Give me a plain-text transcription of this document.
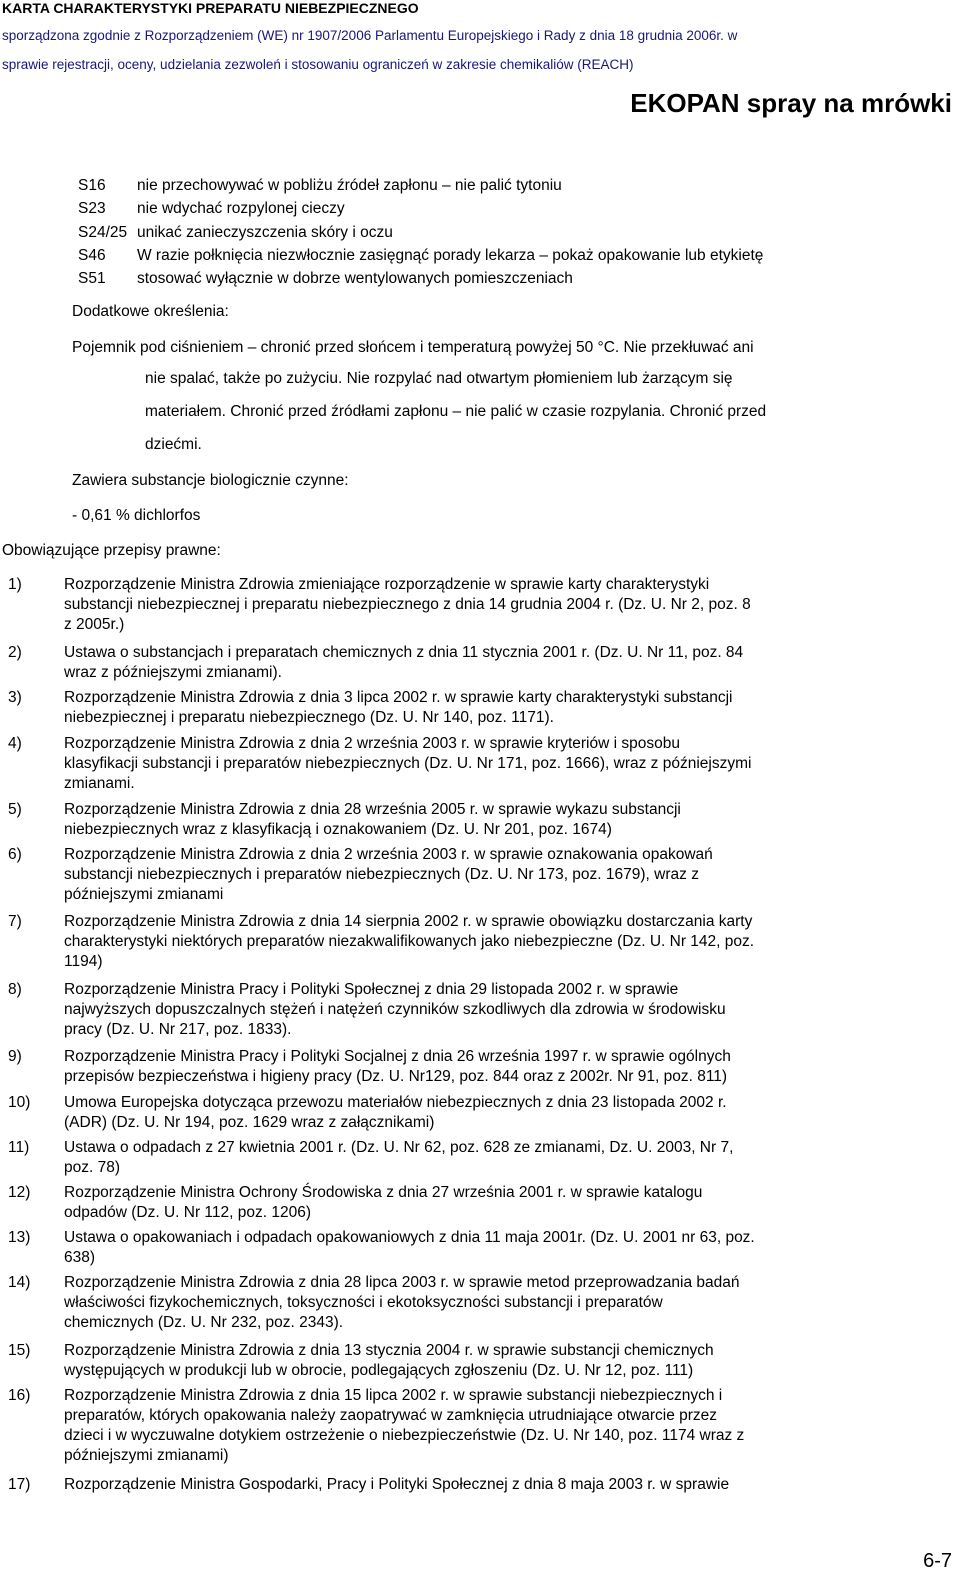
KARTA CHARAKTERYSTYKI PREPARATU NIEBEZPIECZNEGO
sporządzona zgodnie z Rozporządzeniem (WE) nr 1907/2006 Parlamentu Europejskiego i Rady z dnia 18 grudnia 2006r. w
sprawie rejestracji, oceny, udzielania zezwoleń i stosowaniu ograniczeń w zakresie chemikaliów (REACH)
EKOPAN spray na mrówki
S16 nie przechowywać w pobliżu źródeł zapłonu – nie palić tytoniu
S23 nie wdychać rozpylonej cieczy
S24/25 unikać zanieczyszczenia skóry i oczu
S46 W razie połknięcia niezwłocznie zasięgnąć porady lekarza – pokaż opakowanie lub etykietę
S51 stosować wyłącznie w dobrze wentylowanych pomieszczeniach
Dodatkowe określenia:
Pojemnik pod ciśnieniem – chronić przed słońcem i temperaturą powyżej 50 °C. Nie przekłuwać ani
nie spalać, także po zużyciu. Nie rozpylać nad otwartym płomieniem lub żarzącym się
materiałem. Chronić przed źródłami zapłonu – nie palić w czasie rozpylania. Chronić przed
dziećmi.
Zawiera substancje biologicznie czynne:
- 0,61 % dichlorfos
Obowiązujące przepisy prawne:
1)	Rozporządzenie Ministra Zdrowia zmieniające rozporządzenie w sprawie karty charakterystyki
substancji niebezpiecznej i preparatu niebezpiecznego z dnia 14 grudnia 2004 r. (Dz. U. Nr 2, poz. 8
z 2005r.)
2)	Ustawa o substancjach i preparatach chemicznych z dnia 11 stycznia 2001 r. (Dz. U. Nr 11, poz. 84
wraz z późniejszymi zmianami).
3)	Rozporządzenie Ministra Zdrowia z dnia 3 lipca 2002 r. w sprawie karty charakterystyki substancji
niebezpiecznej i preparatu niebezpiecznego (Dz. U. Nr 140, poz. 1171).
4)	Rozporządzenie Ministra Zdrowia z dnia 2 września 2003 r. w sprawie kryteriów i sposobu
klasyfikacji substancji i preparatów niebezpiecznych (Dz. U. Nr 171, poz. 1666), wraz z późniejszymi
zmianami.
5)	Rozporządzenie Ministra Zdrowia z dnia 28 września 2005 r. w sprawie wykazu substancji
niebezpiecznych wraz z klasyfikacją i oznakowaniem (Dz. U. Nr 201, poz. 1674)
6)	Rozporządzenie Ministra Zdrowia z dnia 2 września 2003 r. w sprawie oznakowania opakowań
substancji niebezpiecznych i preparatów niebezpiecznych (Dz. U. Nr 173, poz. 1679), wraz z
późniejszymi zmianami
7)	Rozporządzenie Ministra Zdrowia z dnia 14 sierpnia 2002 r. w sprawie obowiązku dostarczania karty
charakterystyki niektórych preparatów niezakwalifikowanych jako niebezpieczne (Dz. U. Nr 142, poz.
1194)
8)	Rozporządzenie Ministra Pracy i Polityki Społecznej z dnia 29 listopada 2002 r. w sprawie
najwyższych dopuszczalnych stężeń i natężeń czynników szkodliwych dla zdrowia w środowisku
pracy (Dz. U. Nr 217, poz. 1833).
9)	Rozporządzenie Ministra Pracy i Polityki Socjalnej z dnia 26 września 1997 r. w sprawie ogólnych
przepisów bezpieczeństwa i higieny pracy (Dz. U. Nr129, poz. 844 oraz z 2002r. Nr 91, poz. 811)
10) Umowa Europejska dotycząca przewozu materiałów niebezpiecznych z dnia 23 listopada 2002 r.
(ADR) (Dz. U. Nr 194, poz. 1629 wraz z załącznikami)
11) Ustawa o odpadach z 27 kwietnia 2001 r. (Dz. U. Nr 62, poz. 628 ze zmianami, Dz. U. 2003, Nr 7,
poz. 78)
12) Rozporządzenie Ministra Ochrony Środowiska z dnia 27 września 2001 r. w sprawie katalogu
odpadów (Dz. U. Nr 112, poz. 1206)
13) Ustawa o opakowaniach i odpadach opakowaniowych z dnia 11 maja 2001r. (Dz. U. 2001 nr 63, poz.
638)
14) Rozporządzenie Ministra Zdrowia z dnia 28 lipca 2003 r. w sprawie metod przeprowadzania badań
właściwości fizykochemicznych, toksyczności i ekotoksyczności substancji i preparatów
chemicznych (Dz. U. Nr 232, poz. 2343).
15) Rozporządzenie Ministra Zdrowia z dnia 13 stycznia 2004 r. w sprawie substancji chemicznych
występujących w produkcji lub w obrocie, podlegających zgłoszeniu (Dz. U. Nr 12, poz. 111)
16) Rozporządzenie Ministra Zdrowia z dnia 15 lipca 2002 r. w sprawie substancji niebezpiecznych i
preparatów, których opakowania należy zaopatrywać w zamknięcia utrudniające otwarcie przez
dzieci i w wyczuwalne dotykiem ostrzeżenie o niebezpieczeństwie (Dz. U. Nr 140, poz. 1174 wraz z
późniejszymi zmianami)
17) Rozporządzenie Ministra Gospodarki, Pracy i Polityki Społecznej z dnia 8 maja 2003 r. w sprawie
6-7
